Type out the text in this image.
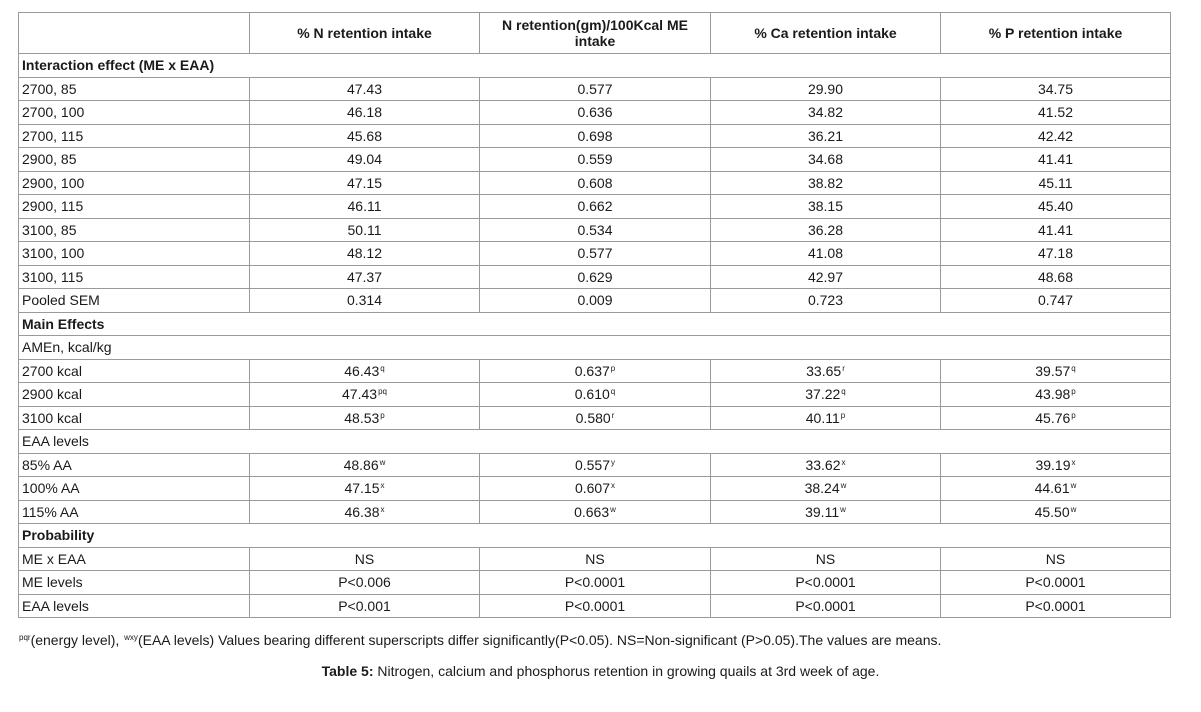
	% N retention intake	N retention(gm)/100Kcal ME intake	% Ca retention intake	% P retention intake
Interaction effect (ME x EAA)				
2700, 85	47.43	0.577	29.90	34.75
2700, 100	46.18	0.636	34.82	41.52
2700, 115	45.68	0.698	36.21	42.42
2900, 85	49.04	0.559	34.68	41.41
2900, 100	47.15	0.608	38.82	45.11
2900, 115	46.11	0.662	38.15	45.40
3100, 85	50.11	0.534	36.28	41.41
3100, 100	48.12	0.577	41.08	47.18
3100, 115	47.37	0.629	42.97	48.68
Pooled SEM	0.314	0.009	0.723	0.747
Main Effects				
AMEn, kcal/kg				
2700 kcal	46.43$^q$	0.637$^p$	33.65$^r$	39.57$^q$
2900 kcal	$47.43^{pq}$	0.610$^q$	37.22$^q$	43.98$^p$
3100 kcal	48.53$^p$	0.580$^r$	40.11$^p$	45.76$^p$
EAA levels				
85% AA	48.86$^w$	0.557$^y$	33.62$^x$	39.19$^x$
100% AA	47.15$^x$	0.607$^x$	38.24$^w$	44.61$^w$
115% AA	46.38$^x$	0.663$^w$	39.11$^w$	45.50$^w$
Probability				
ME x EAA	NS	NS	NS	NS
ME levels	P<0.006	P<0.0001	P<0.0001	P<0.0001
EAA levels	P<0.001	P<0.0001	P<0.0001	P<0.0001
$^{pqr}$(energy level), $^{wxy}$(EAA levels) Values bearing different superscripts differ significantly(P<0.05). NS=Non-significant (P>0.05).The values are means.
Table 5: Nitrogen, calcium and phosphorus retention in growing quails at 3rd week of age.
